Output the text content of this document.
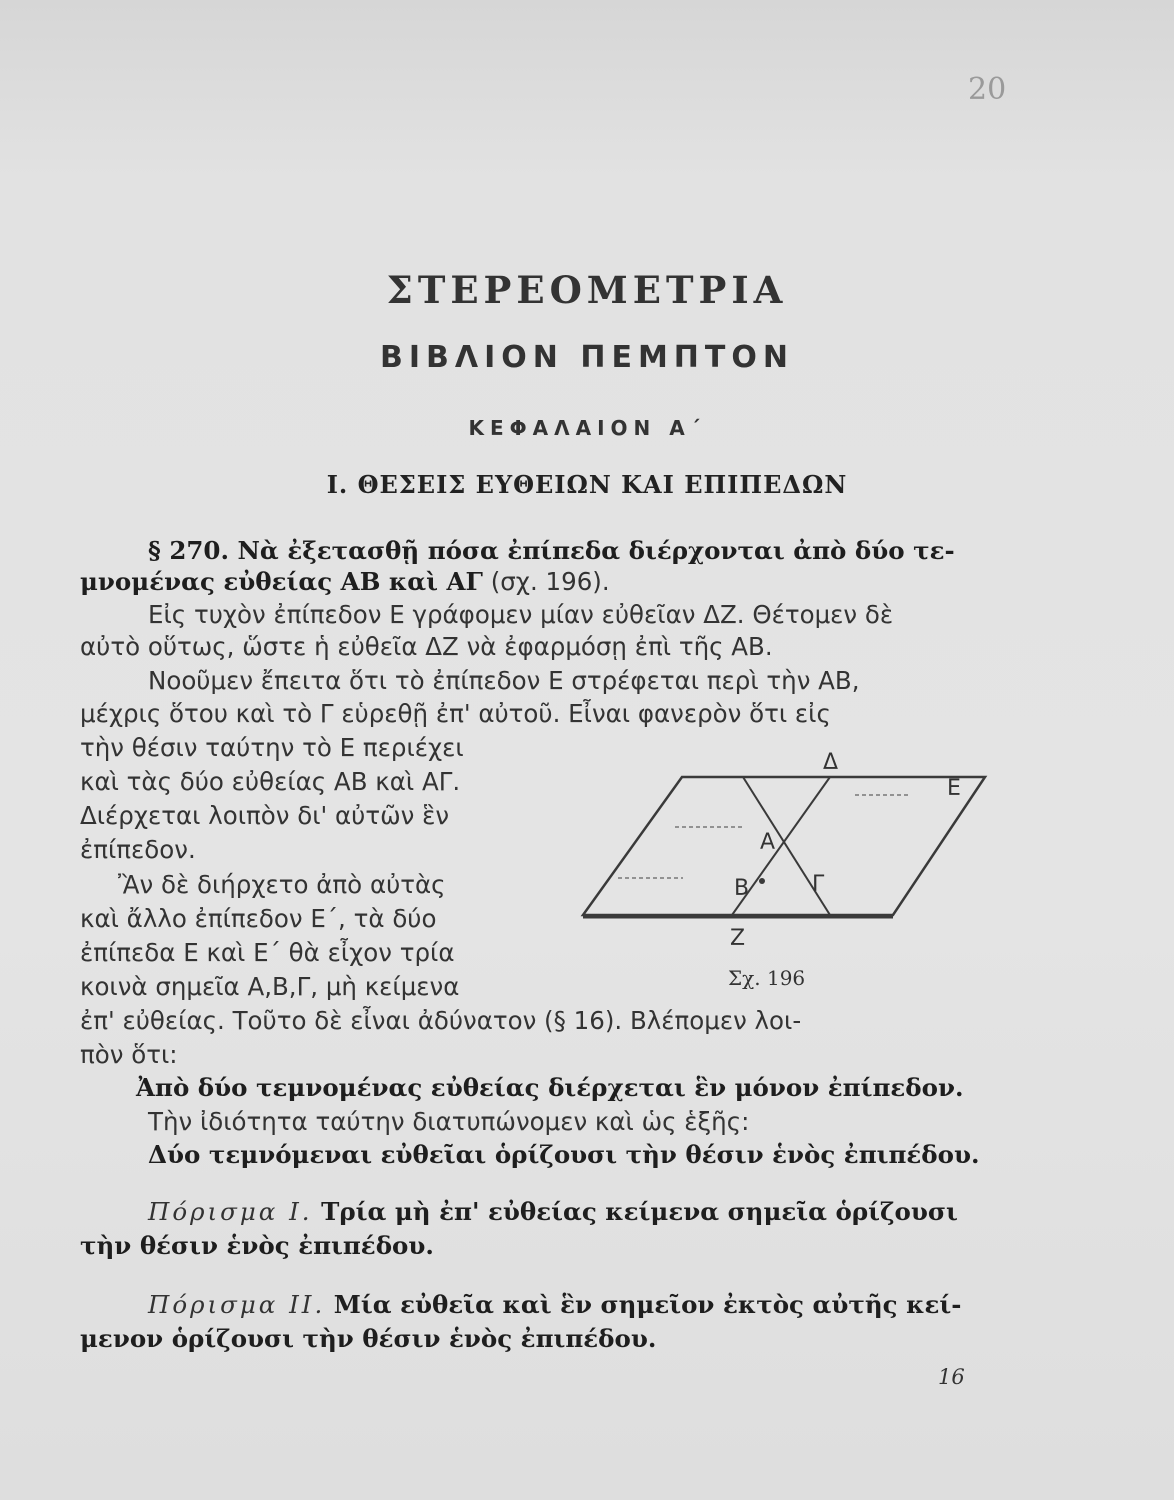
20

ΣΤΕΡΕΟΜΕΤΡΙΑ
ΒΙΒΛΙΟΝ ΠΕΜΠΤΟΝ
ΚΕΦΑΛΑΙΟΝ Α΄
Ι. ΘΕΣΕΙΣ ΕΥΘΕΙΩΝ ΚΑΙ ΕΠΙΠΕΔΩΝ

§ 270. Νὰ ἐξετασθῇ πόσα ἐπίπεδα διέρχονται ἀπὸ δύο τε-

μνομένας εὐθείας ΑΒ καὶ ΑΓ (σχ. 196).

Εἰς τυχὸν ἐπίπεδον Ε γράφομεν μίαν εὐθεῖαν ΔΖ. Θέτομεν δὲ

αὐτὸ οὕτως, ὥστε ἡ εὐθεῖα ΔΖ νὰ ἐφαρμόσῃ ἐπὶ τῆς ΑΒ.

Νοοῦμεν ἔπειτα ὅτι τὸ ἐπίπεδον Ε στρέφεται περὶ τὴν ΑΒ,

μέχρις ὅτου καὶ τὸ Γ εὑρεθῇ ἐπ' αὐτοῦ. Εἶναι φανερὸν ὅτι εἰς

τὴν θέσιν ταύτην τὸ Ε περιέχει

καὶ τὰς δύο εὐθείας ΑΒ καὶ ΑΓ.

Διέρχεται λοιπὸν δι' αὐτῶν ἓν

ἐπίπεδον.

Ἂν δὲ διήρχετο ἀπὸ αὐτὰς

καὶ ἄλλο ἐπίπεδον Ε΄, τὰ δύο

ἐπίπεδα Ε καὶ Ε΄ θὰ εἶχον τρία

κοινὰ σημεῖα Α,Β,Γ, μὴ κείμενα

ἐπ' εὐθείας. Τοῦτο δὲ εἶναι ἀδύνατον (§ 16). Βλέπομεν λοι-

πὸν ὅτι:

Ἀπὸ δύο τεμνομένας εὐθείας διέρχεται ἓν μόνον ἐπίπεδον.

Τὴν ἰδιότητα ταύτην διατυπώνομεν καὶ ὡς ἑξῆς:

Δύο τεμνόμεναι εὐθεῖαι ὁρίζουσι τὴν θέσιν ἑνὸς ἐπιπέδου.

Πόρισμα Ι. Τρία μὴ ἐπ' εὐθείας κείμενα σημεῖα ὁρίζουσι

τὴν θέσιν ἑνὸς ἐπιπέδου.

Πόρισμα ΙΙ. Μία εὐθεῖα καὶ ἓν σημεῖον ἐκτὸς αὐτῆς κεί-

μενον ὁρίζουσι τὴν θέσιν ἑνὸς ἐπιπέδου.

Δ
Ε
Α
Β	Γ
Ζ

Σχ. 196

16
